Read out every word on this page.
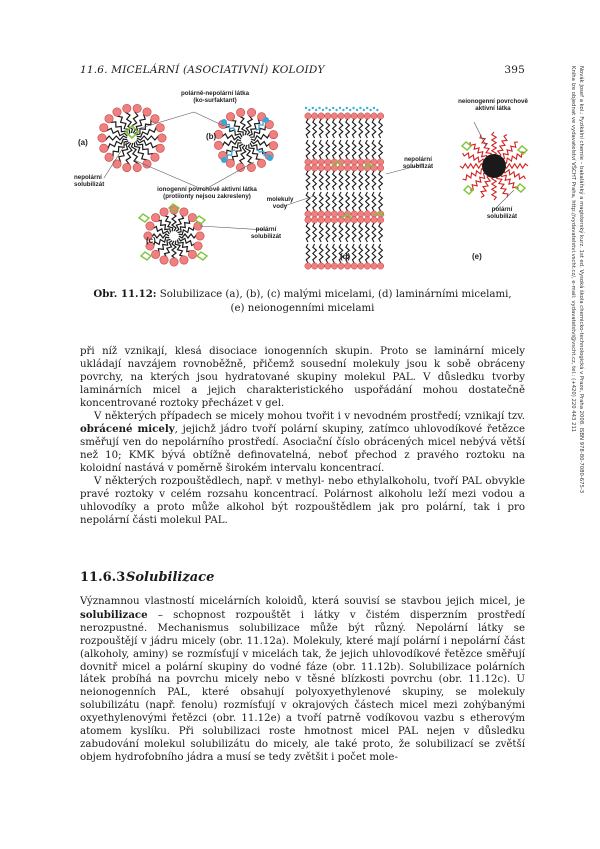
11.6. MICELÁRNÍ (ASOCIATIVNÍ) KOLOIDY	395	Novák Josef a kol.: Fyzikální chemie – bakalářský a magisterský kurz. 1st ed. Vysoká škola chemicko-technologická v Praze, Praha 2008. ISBN 978-80-7080-675-3
Kniha lze objednat ve vydavatelství VŠCHT Praha, http://vydavatelstvi.vscht.cz/, e-mail: vydavatelstvi@vscht.cz, tel.: (+420) 220 443 211
polárně-nepolární látka
(ko-surfaktant)
(a)
(b)
nepolární
solubilizát
ionogenní povrchově aktivní látka
(protiionty nejsou zakresleny)	molekuly
vody
(c)
polární
solubilizát
(d)
nepolární
solubilizát
neionogenní povrchově
aktivní látka
polární
solubilizát
(e)
Obr. 11.12: Solubilizace (a), (b), (c) malými micelami, (d) laminárními micelami,
(e) neionogenními micelami

při níž vznikají, klesá disociace ionogenních skupin. Proto se laminární micely ukládají navzájem rovnoběžně, přičemž sousední molekuly jsou k sobě obráceny povrchy, na kterých jsou hydratované skupiny molekul PAL. V důsledku tvorby laminárních micel a jejich charakteristického uspořádání mohou dostatečně koncentrované roztoky přecházet v gel.

V některých případech se micely mohou tvořit i v nevodném prostředí; vznikají tzv. obrácené micely, jejichž jádro tvoří polární skupiny, zatímco uhlovodíkové řetězce směřují ven do nepolárního prostředí. Asociační číslo obrácených micel nebývá větší než 10; KMK bývá obtížně definovatelná, neboť přechod z pravého roztoku na koloidní nastává v poměrně širokém intervalu koncentrací.

V některých rozpouštědlech, např. v methyl- nebo ethylalkoholu, tvoří PAL obvykle pravé roztoky v celém rozsahu koncentrací. Polárnost alkoholu leží mezi vodou a uhlovodíky a proto může alkohol být rozpouštědlem jak pro polární, tak i pro nepolární části molekul PAL.

11.6.3Solubilizace

Významnou vlastností micelárních koloidů, která souvisí se stavbou jejich micel, je solubilizace – schopnost rozpouštět i látky v čistém disperzním prostředí nerozpustné. Mechanismus solubilizace může být různý. Nepolární látky se rozpouštějí v jádru micely (obr. 11.12a). Molekuly, které mají polární i nepolární část (alkoholy, aminy) se rozmísťují v micelách tak, že jejich uhlovodíkové řetězce směřují dovnitř micel a polární skupiny do vodné fáze (obr. 11.12b). Solubilizace polárních látek probíhá na povrchu micely nebo v těsné blízkosti povrchu (obr. 11.12c). U neionogenních PAL, které obsahují polyoxyethylenové skupiny, se molekuly solubilizátu (např. fenolu) rozmísťují v okrajových částech micel mezi zohýbanými oxyethylenovými řetězci (obr. 11.12e) a tvoří patrně vodíkovou vazbu s etherovým atomem kyslíku. Při solubilizaci roste hmotnost micel PAL nejen v důsledku zabudování molekul solubilizátu do micely, ale také proto, že solubilizací se zvětší objem hydrofobního jádra a musí se tedy zvětšit i počet mole-
